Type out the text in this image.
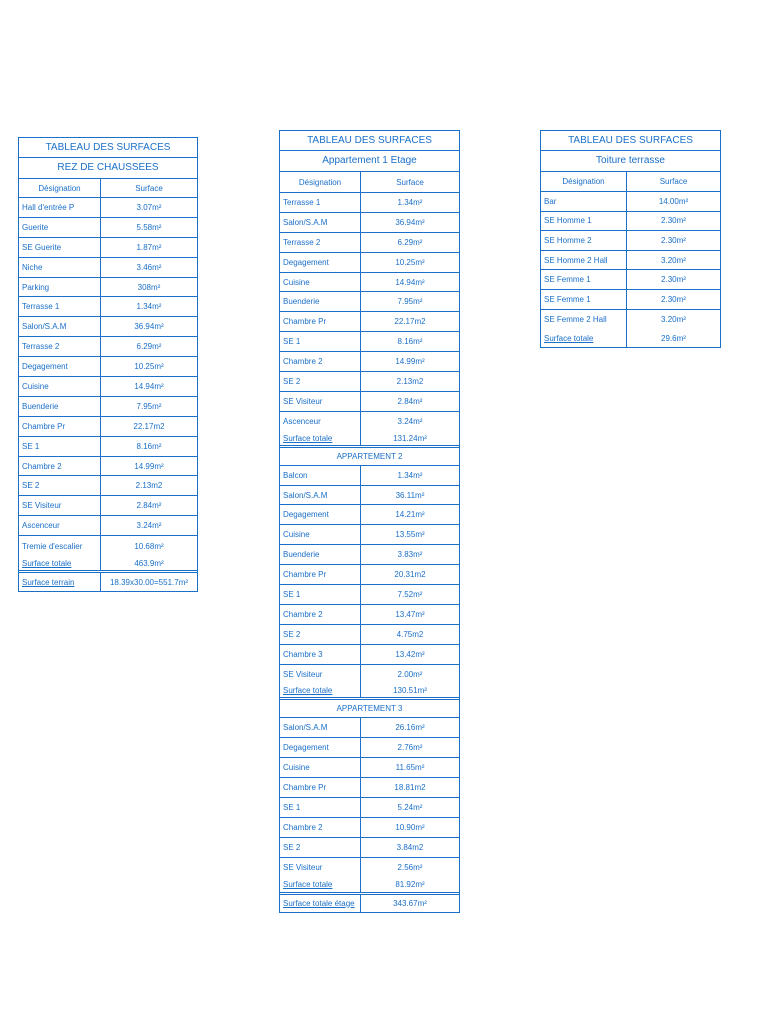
TABLEAU DES SURFACES
REZ DE CHAUSSEES
Désignation	Surface
Hall d'entrée P	3.07m²
Guerite	5.58m²
SE Guerite	1.87m²
Niche	3.46m²
Parking	308m²
Terrasse 1	1.34m²
Salon/S.A.M	36.94m²
Terrasse 2	6.29m²
Degagement	10.25m²
Cuisine	14.94m²
Buenderie	7.95m²
Chambre Pr	22.17m2
SE 1	8.16m²
Chambre 2	14.99m²
SE 2	2.13m2
SE Visiteur	2.84m²
Ascenceur	3.24m²
Tremie d'escalier	10.68m²
Surface totale	463.9m²
Surface terrain	18.39x30.00=551.7m²
TABLEAU DES SURFACES
Appartement 1 Etage
Désignation	Surface
Terrasse 1	1.34m²
Salon/S.A.M	36.94m²
Terrasse 2	6.29m²
Degagement	10.25m²
Cuisine	14.94m²
Buenderie	7.95m²
Chambre Pr	22.17m2
SE 1	8.16m²
Chambre 2	14.99m²
SE 2	2.13m2
SE Visiteur	2.84m²
Ascenceur	3.24m²
Surface totale	131.24m²
APPARTEMENT 2
Balcon	1.34m²
Salon/S.A.M	36.11m²
Degagement	14.21m²
Cuisine	13.55m²
Buenderie	3.83m²
Chambre Pr	20.31m2
SE 1	7.52m²
Chambre 2	13.47m²
SE 2	4.75m2
Chambre 3	13.42m²
SE Visiteur	2.00m²
Surface totale	130.51m²
APPARTEMENT 3
Salon/S.A.M	26.16m²
Degagement	2.76m²
Cuisine	11.65m²
Chambre Pr	18.81m2
SE 1	5.24m²
Chambre 2	10.90m²
SE 2	3.84m2
SE Visiteur	2.56m²
Surface totale	81.92m²
Surface totale étage	343.67m²
TABLEAU DES SURFACES
Toiture terrasse
Désignation	Surface
Bar	14.00m²
SE Homme 1	2.30m²
SE Homme 2	2.30m²
SE Homme 2 Hall	3.20m²
SE Femme 1	2.30m²
SE Femme 1	2.30m²
SE Femme 2 Hall	3.20m²
Surface totale	29.6m²
